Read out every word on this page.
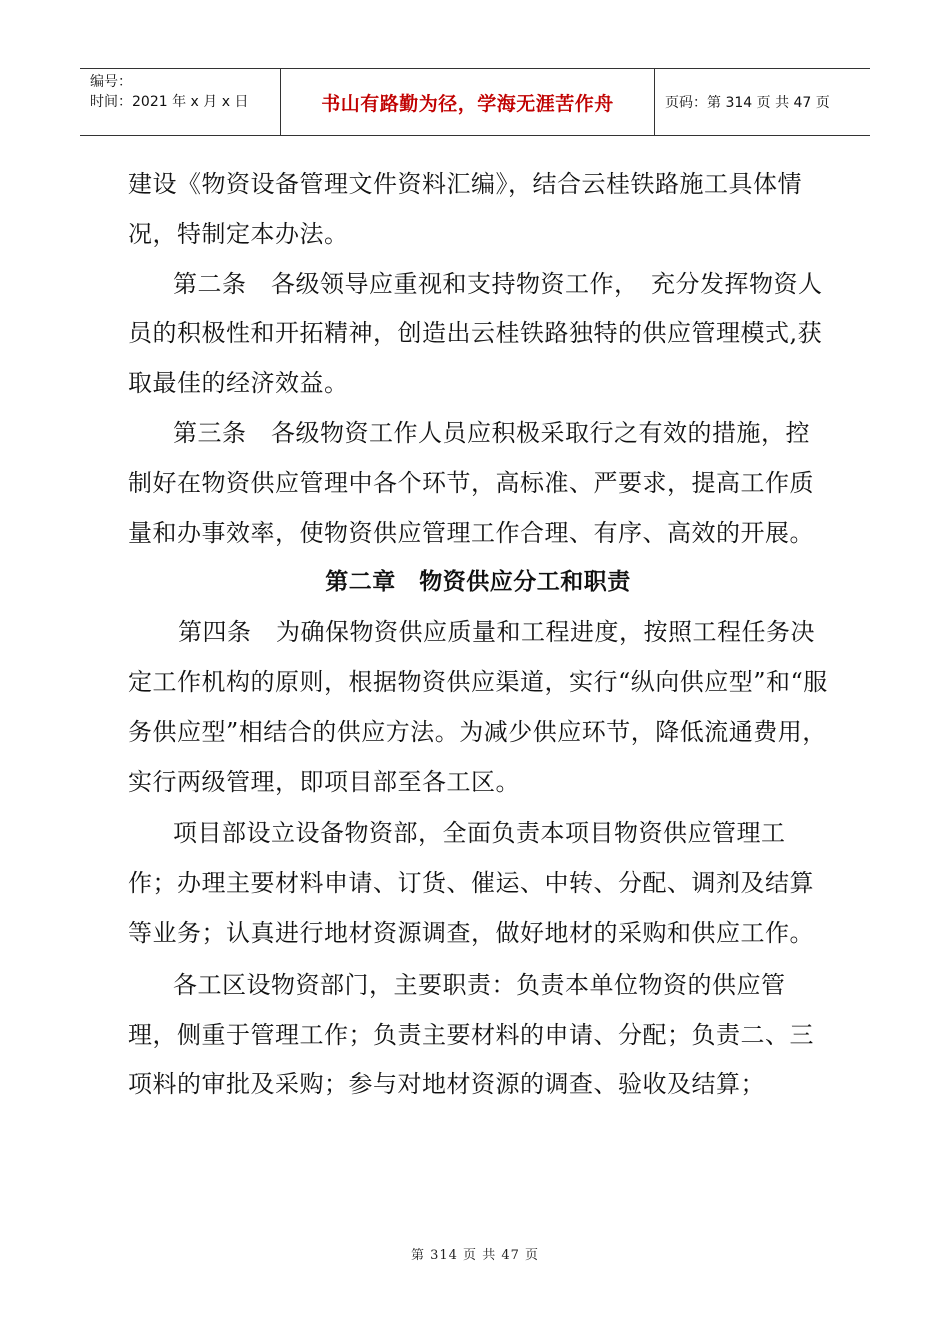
编号：
时间：2021 年 x 月 x 日	书山有路勤为径，学海无涯苦作舟	页码：第 314 页 共 47 页

建设《物资设备管理文件资料汇编》，结合云桂铁路施工具体情况，特制定本办法。

第二条　各级领导应重视和支持物资工作，　充分发挥物资人员的积极性和开拓精神，创造出云桂铁路独特的供应管理模式,获取最佳的经济效益。

第三条　各级物资工作人员应积极采取行之有效的措施，控制好在物资供应管理中各个环节，高标准、严要求，提高工作质量和办事效率，使物资供应管理工作合理、有序、高效的开展。

第二章　物资供应分工和职责

第四条　为确保物资供应质量和工程进度，按照工程任务决定工作机构的原则，根据物资供应渠道，实行“纵向供应型”和“服务供应型”相结合的供应方法。为减少供应环节，降低流通费用，实行两级管理，即项目部至各工区。

项目部设立设备物资部，全面负责本项目物资供应管理工作；办理主要材料申请、订货、催运、中转、分配、调剂及结算等业务；认真进行地材资源调查，做好地材的采购和供应工作。

各工区设物资部门，主要职责：负责本单位物资的供应管理，侧重于管理工作；负责主要材料的申请、分配；负责二、三项料的审批及采购；参与对地材资源的调查、验收及结算；

第 314 页 共 47 页
